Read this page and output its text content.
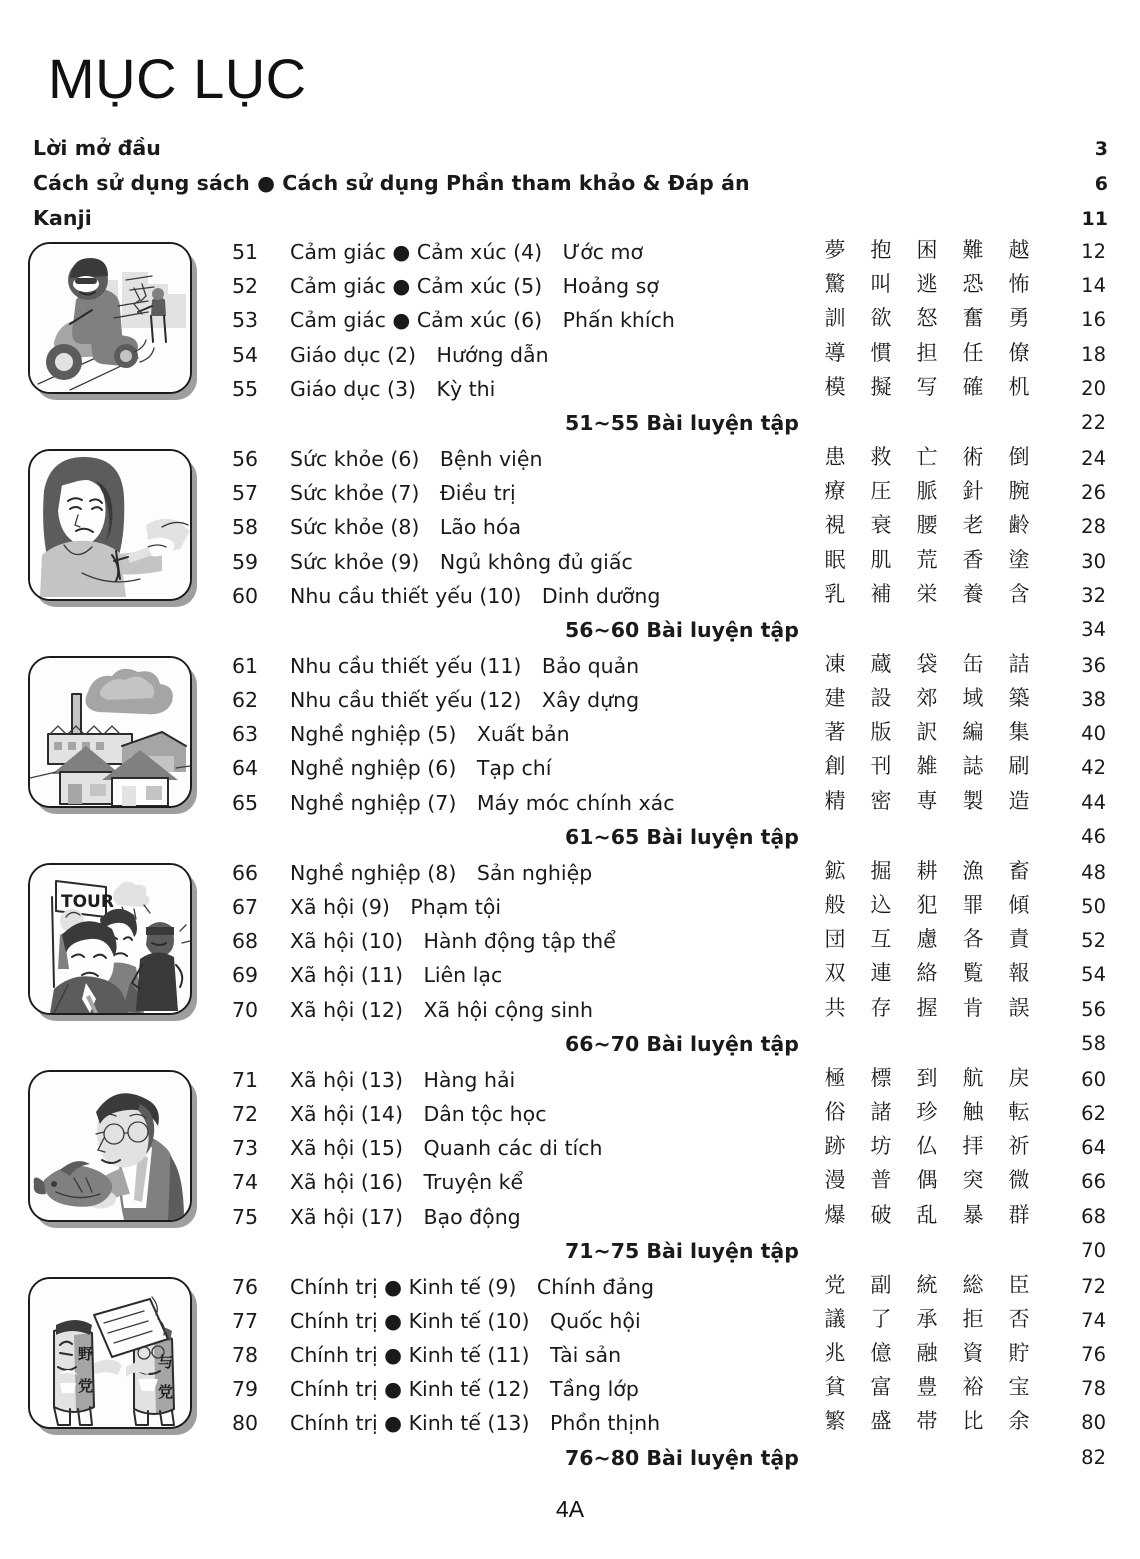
MỤC LỤC
Lời mở đầu	3
Cách sử dụng sách ● Cách sử dụng Phần tham khảo & Đáp án	6
Kanji	11
51	Cảm giác ● Cảm xúc (4) Ước mơ	夢	抱	困	難	越	12
52	Cảm giác ● Cảm xúc (5) Hoảng sợ	驚	叫	逃	恐	怖	14
53	Cảm giác ● Cảm xúc (6) Phấn khích	訓	欲	怒	奮	勇	16
54	Giáo dục (2) Hướng dẫn	導	慣	担	任	僚	18
55	Giáo dục (3) Kỳ thi	模	擬	写	確	机	20
51~55 Bài luyện tập	22
56	Sức khỏe (6) Bệnh viện	患	救	亡	術	倒	24
57	Sức khỏe (7) Điều trị	療	圧	脈	針	腕	26
58	Sức khỏe (8) Lão hóa	視	衰	腰	老	齢	28
59	Sức khỏe (9) Ngủ không đủ giấc	眠	肌	荒	香	塗	30
60	Nhu cầu thiết yếu (10) Dinh dưỡng	乳	補	栄	養	含	32
56~60 Bài luyện tập	34
61	Nhu cầu thiết yếu (11) Bảo quản	凍	蔵	袋	缶	詰	36
62	Nhu cầu thiết yếu (12) Xây dựng	建	設	郊	域	築	38
63	Nghề nghiệp (5) Xuất bản	著	版	訳	編	集	40
64	Nghề nghiệp (6) Tạp chí	創	刊	雑	誌	刷	42
65	Nghề nghiệp (7) Máy móc chính xác	精	密	専	製	造	44
61~65 Bài luyện tập	46
66	Nghề nghiệp (8) Sản nghiệp	鉱	掘	耕	漁	畜	48
67	Xã hội (9) Phạm tội	般	込	犯	罪	傾	50
68	Xã hội (10) Hành động tập thể	団	互	慮	各	責	52
69	Xã hội (11) Liên lạc	双	連	絡	覧	報	54
70	Xã hội (12) Xã hội cộng sinh	共	存	握	肯	誤	56
66~70 Bài luyện tập	58
71	Xã hội (13) Hàng hải	極	標	到	航	戻	60
72	Xã hội (14) Dân tộc học	俗	諸	珍	触	転	62
73	Xã hội (15) Quanh các di tích	跡	坊	仏	拝	祈	64
74	Xã hội (16) Truyện kể	漫	普	偶	突	微	66
75	Xã hội (17) Bạo động	爆	破	乱	暴	群	68
71~75 Bài luyện tập	70
76	Chính trị ● Kinh tế (9) Chính đảng	党	副	統	総	臣	72
77	Chính trị ● Kinh tế (10) Quốc hội	議	了	承	拒	否	74
78	Chính trị ● Kinh tế (11) Tài sản	兆	億	融	資	貯	76
79	Chính trị ● Kinh tế (12) Tầng lớp	貧	富	豊	裕	宝	78
80	Chính trị ● Kinh tế (13) Phồn thịnh	繁	盛	帯	比	余	80
76~80 Bài luyện tập	82
4A
